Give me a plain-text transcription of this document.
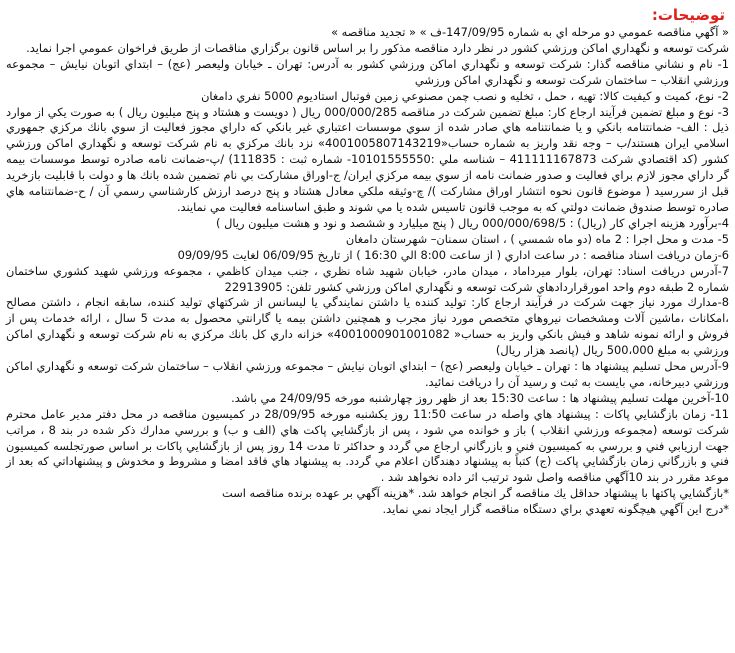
توضیحات:

« آگهي مناقصه عمومي دو مرحله اي به شماره 147/09/95-ف » « تجديد مناقصه »

شركت توسعه و نگهداري اماكن ورزشي كشور در نظر دارد مناقصه مذكور را بر اساس قانون برگزاري مناقصات از طريق فراخوان عمومي اجرا نمايد.

1- نام و نشاني مناقصه گذار: شركت توسعه و نگهداري اماكن ورزشي كشور به آدرس: تهران ـ خيابان وليعصر (عج) – ابتداي اتوبان نيايش – مجموعه ورزشي انقلاب – ساختمان شركت توسعه و نگهداري اماكن ورزشي

2- نوع، كميت و كيفيت كالا: تهيه ، حمل ، تخليه و نصب چمن مصنوعي زمين فوتبال استاديوم 5000 نفري دامغان

3- نوع و مبلغ تضمين فرآيند ارجاع كار: مبلغ تضمين شركت در مناقصه 000/000/285 ريال ( دويست و هشتاد و پنج ميليون ريال ) به صورت يكي از موارد ذيل : الف- ضمانتنامه بانكي و يا ضمانتنامه هاي صادر شده از سوي موسسات اعتباري غير بانكي كه داراي مجوز فعاليت از سوي بانك مركزي جمهوري اسلامي ايران هستند/ب – وجه نقد واريز به شماره حساب«4001005807143219» نزد بانك مركزي به نام شركت توسعه و نگهداري اماكن ورزشي كشور (كد اقتصادي شركت 411111167873 – شناسه ملي :10101555550- شماره ثبت : 111835) /پ-ضمانت نامه صادره توسط موسسات بيمه گر داراي مجوز لازم براي فعاليت و صدور ضمانت نامه از سوي بيمه مركزي ايران/ ج-اوراق مشاركت بي نام تضمين شده بانك ها و دولت با قابليت بازخريد قبل از سررسيد ( موضوع قانون نحوه انتشار اوراق مشاركت )/ چ-وثيقه ملكي معادل هشتاد و پنج درصد ارزش كارشناسي رسمي آن / ح-ضمانتنامه هاي صادره توسط صندوق ضمانت دولتي كه به موجب قانون تاسيس شده يا مي شوند و طبق اساسنامه فعاليت مي نمايند.

4-برآورد هزينه اجراي كار (ريال) : 000/000/698/5 ريال ( پنج ميليارد و ششصد و نود و هشت ميليون ريال )

5- مدت و محل اجرا : 2 ماه (دو ماه شمسي ) ، استان سمنان– شهرستان دامغان

6-زمان دريافت اسناد مناقصه : در ساعت اداري ( از ساعت 8:00 الي 16:30 ) از تاريخ 06/09/95 لغايت 09/09/95

7-آدرس دريافت اسناد: تهران، بلوار ميرداماد ، ميدان مادر، خيابان شهيد شاه نظري ، جنب ميدان كاظمي ، مجموعه ورزشي شهيد كشوري ساختمان شماره 2 طبقه دوم واحد امورقراردادهاي شركت توسعه و نگهداري اماكن ورزشي كشور تلفن: 22913905

8-مدارك مورد نياز جهت شركت در فرآيند ارجاع كار: توليد كننده يا داشتن نمايندگي يا ليسانس از شركتهاي توليد كننده، سابقه انجام ، داشتن مصالح ،امكانات ،ماشين آلات ومشخصات نيروهاي متخصص مورد نياز مجرب و همچنين داشتن بيمه يا گارانتي محصول به مدت 5 سال ، ارائه خدمات پس از فروش و ارائه نمونه شاهد و فيش بانكي واريز به حساب« 4001000901001082» خزانه داري كل بانك مركزي به نام شركت توسعه و نگهداري اماكن ورزشي به مبلغ 500،000 ريال (پانصد هزار ريال)

9-آدرس محل تسليم پيشنهاد ها : تهران ـ خيابان وليعصر (عج) – ابتداي اتوبان نيايش – مجموعه ورزشي انقلاب – ساختمان شركت توسعه و نگهداري اماكن ورزشي دبيرخانه، مي بايست به ثبت و رسيد آن را دريافت نمائيد.

10-آخرين مهلت تسليم پيشنهاد ها : ساعت 15:30 بعد از ظهر روز چهارشنبه مورخه 24/09/95 مي باشد.

11- زمان بازگشايي پاكات : پيشنهاد هاي واصله در ساعت 11:50 روز يكشنبه مورخه 28/09/95 در كميسيون مناقصه در محل دفتر مدير عامل محترم شركت توسعه (مجموعه ورزشي انقلاب ) باز و خوانده مي شود ، پس از بازگشايي پاكت هاي (الف و ب) و بررسي مدارك ذكر شده در بند 8 ، مراتب جهت ارزيابي فني و بررسي به كميسيون فني و بازرگاني ارجاع مي گردد و حداكثر تا مدت 14 روز پس از بازگشايي پاكات بر اساس صورتجلسه كميسيون فني و بازرگاني زمان بازگشايي پاكت (ج) كتباً به پيشنهاد دهندگان اعلام مي گردد. به پيشنهاد هاي فاقد امضا و مشروط و مخدوش و پيشنهاداتي كه بعد از موعد مقرر در بند 10آگهي مناقصه واصل شود ترتيب اثر داده نخواهد شد .

*بازگشايي پاكتها با پيشنهاد حداقل يك مناقصه گر انجام خواهد شد. *هزينه آگهي بر عهده برنده مناقصه است

*درج اين آگهي هيچگونه تعهدي براي دستگاه مناقصه گزار ايجاد نمي نمايد.
